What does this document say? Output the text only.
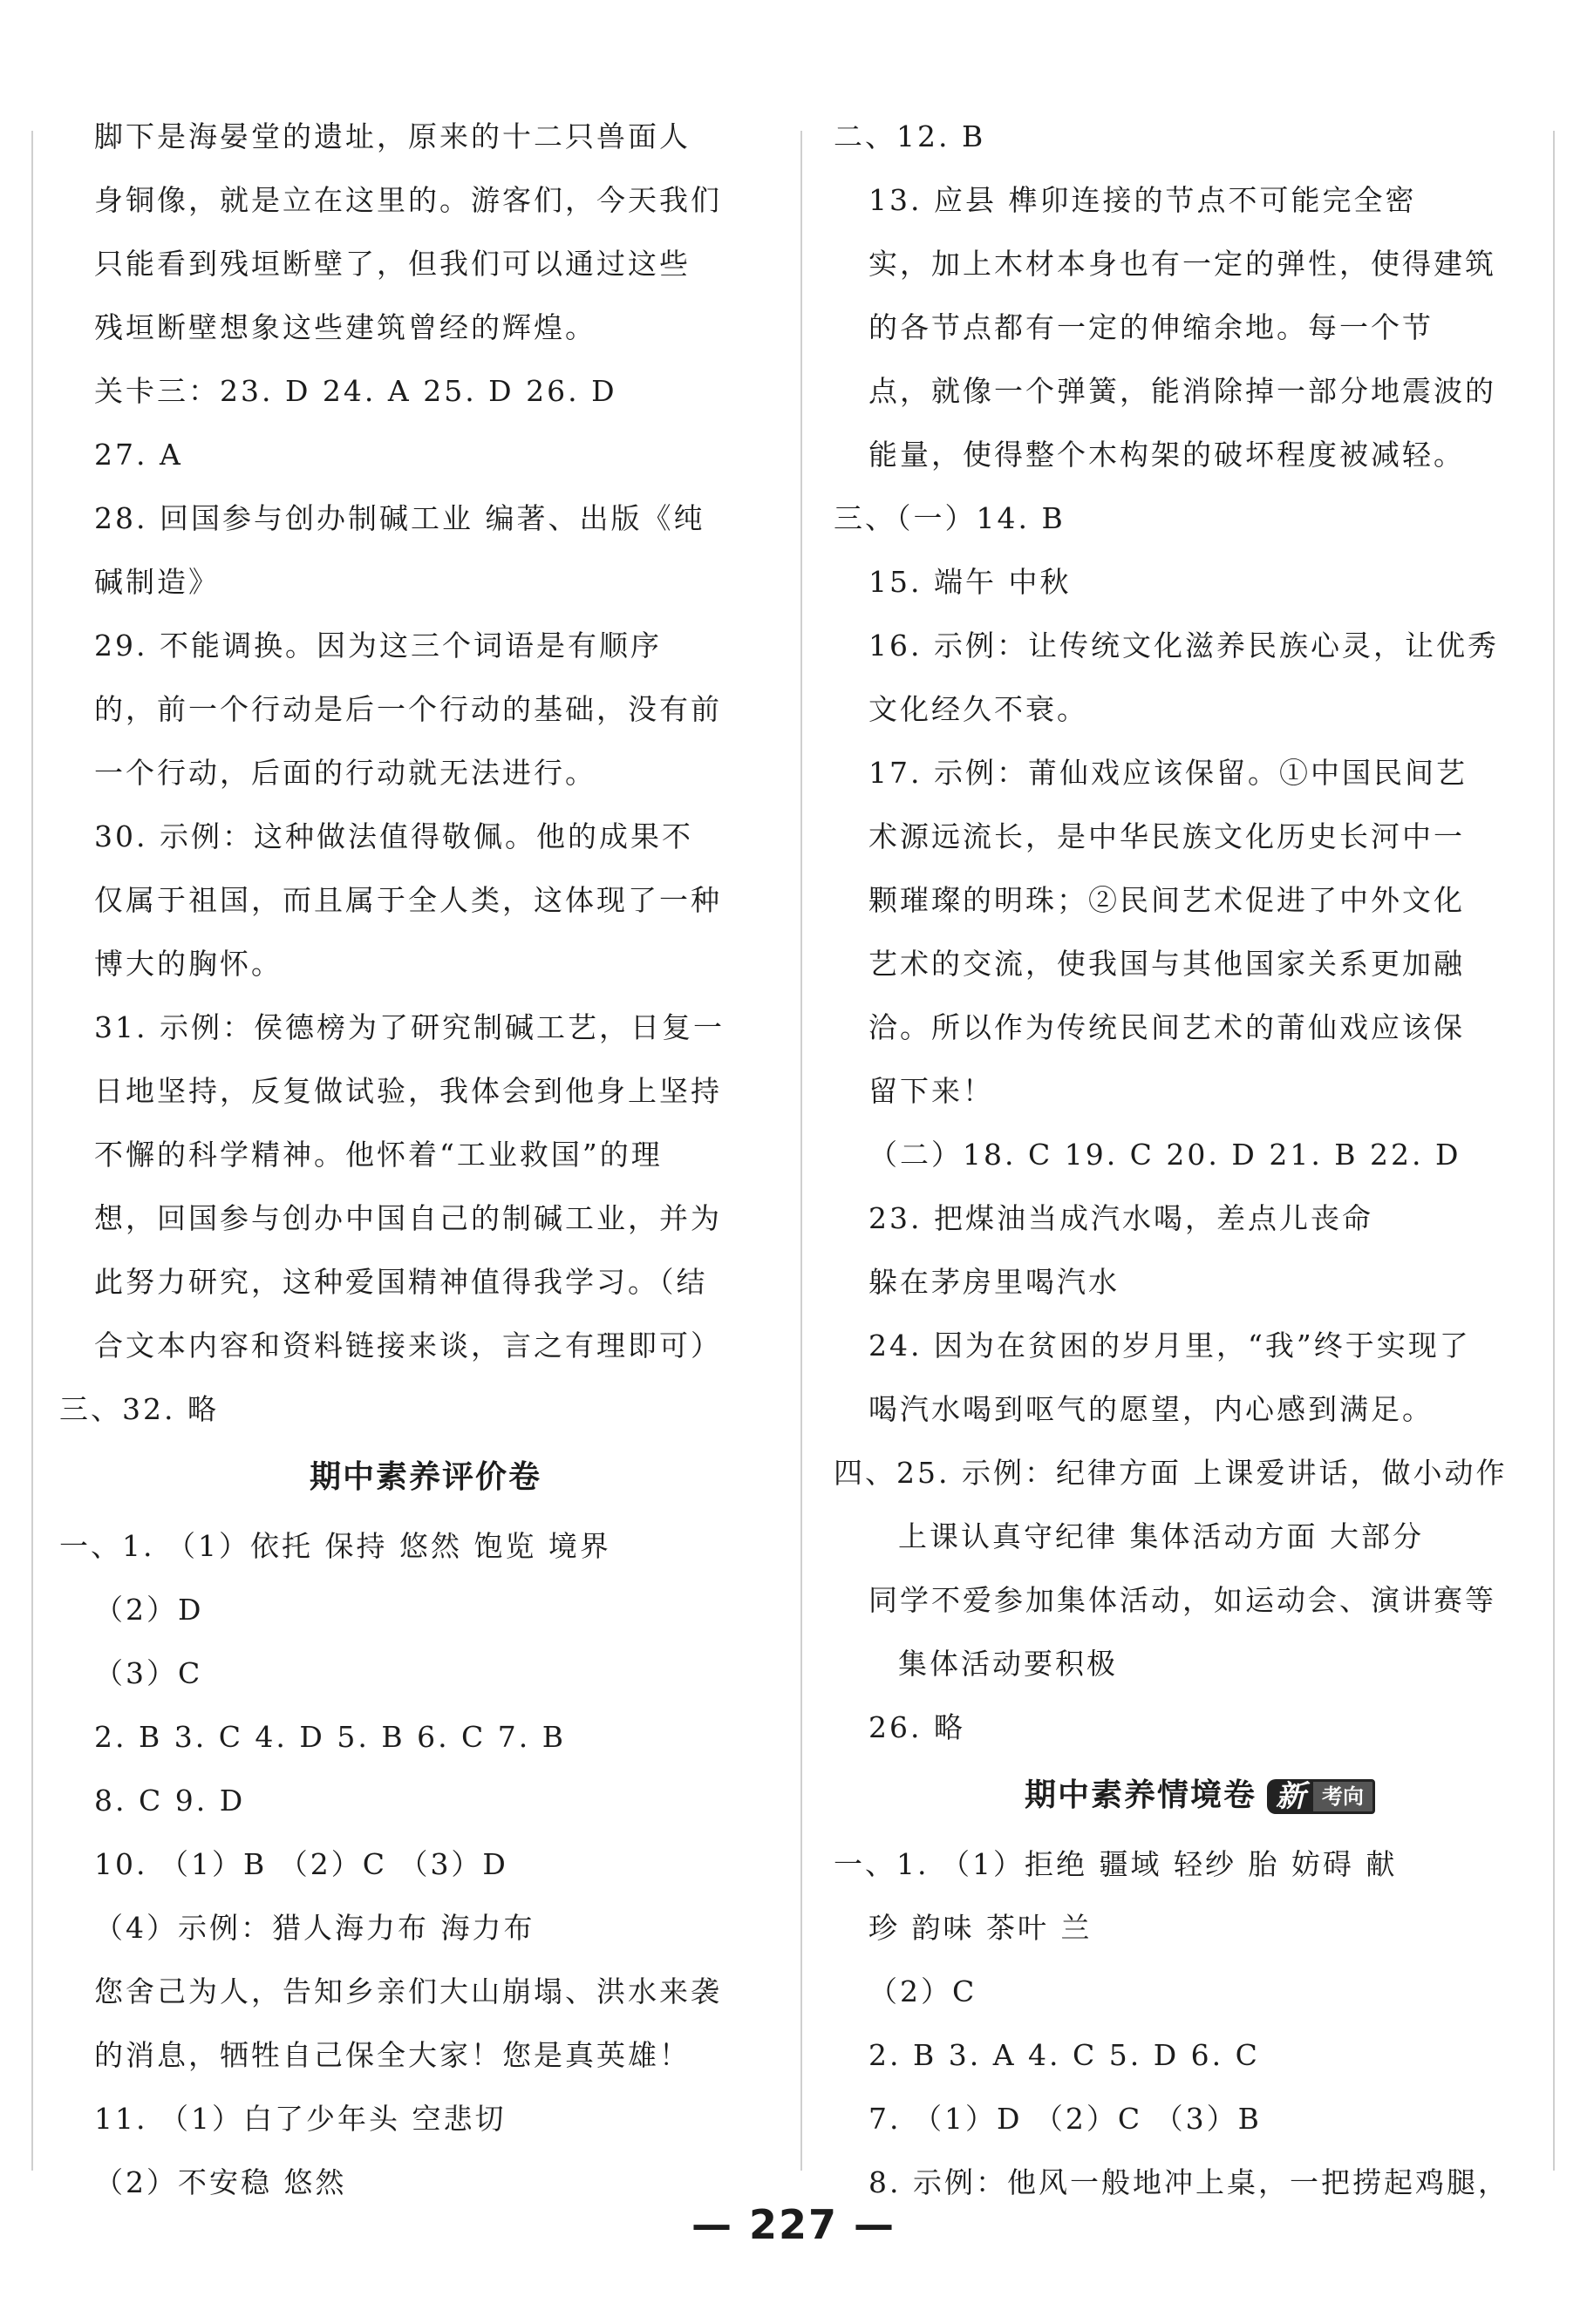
脚下是海晏堂的遗址，原来的十二只兽面人
身铜像，就是立在这里的。游客们，今天我们
只能看到残垣断壁了，但我们可以通过这些
残垣断壁想象这些建筑曾经的辉煌。
关卡三：23. D 24. A 25. D 26. D
27. A
28. 回国参与创办制碱工业 编著、出版《纯
碱制造》
29. 不能调换。因为这三个词语是有顺序
的，前一个行动是后一个行动的基础，没有前
一个行动，后面的行动就无法进行。
30. 示例：这种做法值得敬佩。他的成果不
仅属于祖国，而且属于全人类，这体现了一种
博大的胸怀。
31. 示例：侯德榜为了研究制碱工艺，日复一
日地坚持，反复做试验，我体会到他身上坚持
不懈的科学精神。他怀着“工业救国”的理
想，回国参与创办中国自己的制碱工业，并为
此努力研究，这种爱国精神值得我学习。（结
合文本内容和资料链接来谈，言之有理即可）
三、32. 略
期中素养评价卷
一、1. （1）依托 保持 悠然 饱览 境界
（2）D
（3）C
2. B 3. C 4. D 5. B 6. C 7. B
8. C 9. D
10. （1）B （2）C （3）D
（4）示例：猎人海力布 海力布
您舍己为人，告知乡亲们大山崩塌、洪水来袭
的消息，牺牲自己保全大家！您是真英雄！
11. （1）白了少年头 空悲切
（2）不安稳 悠然
二、12. B
13. 应县 榫卯连接的节点不可能完全密
实，加上木材本身也有一定的弹性，使得建筑
的各节点都有一定的伸缩余地。每一个节
点，就像一个弹簧，能消除掉一部分地震波的
能量，使得整个木构架的破坏程度被减轻。
三、（一）14. B
15. 端午 中秋
16. 示例：让传统文化滋养民族心灵，让优秀
文化经久不衰。
17. 示例：莆仙戏应该保留。①中国民间艺
术源远流长，是中华民族文化历史长河中一
颗璀璨的明珠；②民间艺术促进了中外文化
艺术的交流，使我国与其他国家关系更加融
洽。所以作为传统民间艺术的莆仙戏应该保
留下来！
（二）18. C 19. C 20. D 21. B 22. D
23. 把煤油当成汽水喝，差点儿丧命
躲在茅房里喝汽水
24. 因为在贫困的岁月里，“我”终于实现了
喝汽水喝到呕气的愿望，内心感到满足。
四、25. 示例：纪律方面 上课爱讲话，做小动作
上课认真守纪律 集体活动方面 大部分
同学不爱参加集体活动，如运动会、演讲赛等
集体活动要积极
26. 略
期中素养情境卷 新 考向
一、1. （1）拒绝 疆域 轻纱 胎 妨碍 献
珍 韵味 茶叶 兰
（2）C
2. B 3. A 4. C 5. D 6. C
7. （1）D （2）C （3）B
8. 示例：他风一般地冲上桌，一把捞起鸡腿，
— 227 —
